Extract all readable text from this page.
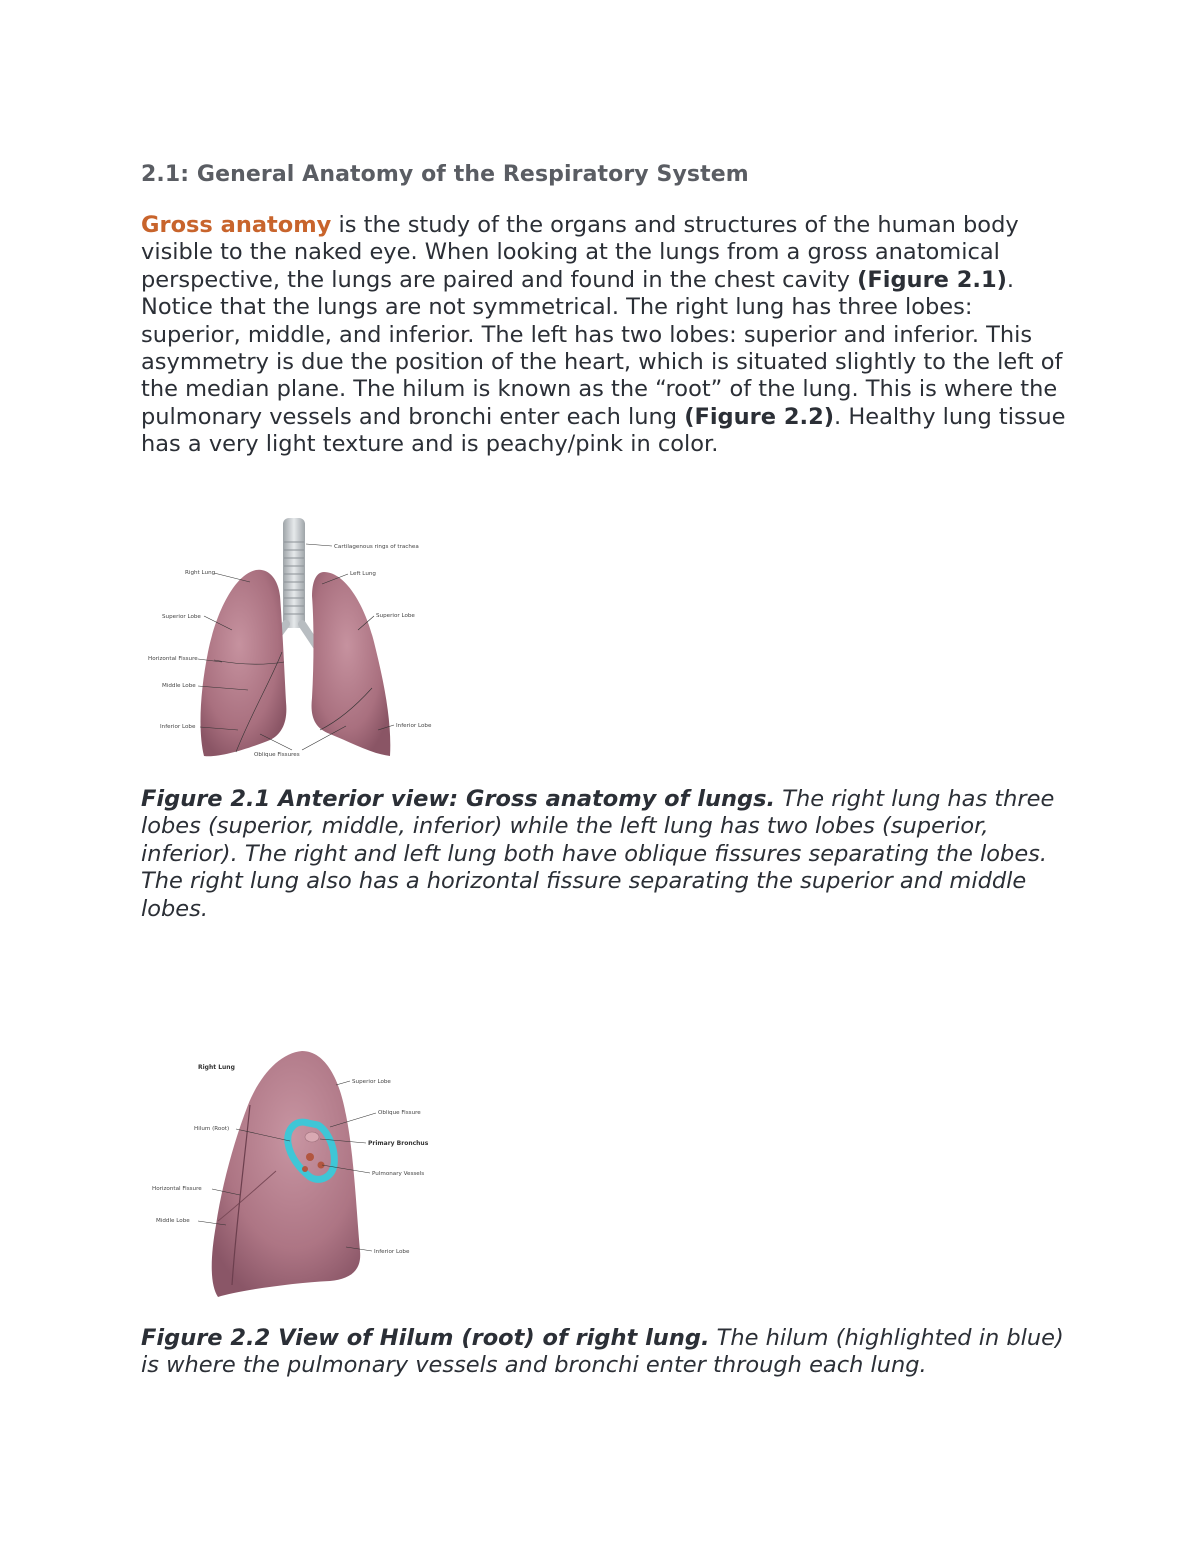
2.1: General Anatomy of the Respiratory System

Gross anatomy is the study of the organs and structures of the human body visible to the naked eye. When looking at the lungs from a gross anatomical perspective, the lungs are paired and found in the chest cavity (Figure 2.1). Notice that the lungs are not symmetrical. The right lung has three lobes: superior, middle, and inferior. The left has two lobes: superior and inferior. This asymmetry is due the position of the heart, which is situated slightly to the left of the median plane. The hilum is known as the “root” of the lung. This is where the pulmonary vessels and bronchi enter each lung (Figure 2.2). Healthy lung tissue has a very light texture and is peachy/pink in color.

Cartilagenous rings of trachea
Right Lung	Left Lung
Superior Lobe	Superior Lobe
Horizontal Fissure
Middle Lobe
Inferior Lobe	Inferior Lobe
Oblique Fissures

Figure 2.1 Anterior view: Gross anatomy of lungs. The right lung has three lobes (superior, middle, inferior) while the left lung has two lobes (superior, inferior). The right and left lung both have oblique fissures separating the lobes. The right lung also has a horizontal fissure separating the superior and middle lobes.

Right Lung
Superior Lobe
Oblique Fissure
Hilum (Root)
Primary Bronchus
Pulmonary Vessels
Horizontal Fissure
Middle Lobe
Inferior Lobe

Figure 2.2 View of Hilum (root) of right lung. The hilum (highlighted in blue) is where the pulmonary vessels and bronchi enter through each lung.
